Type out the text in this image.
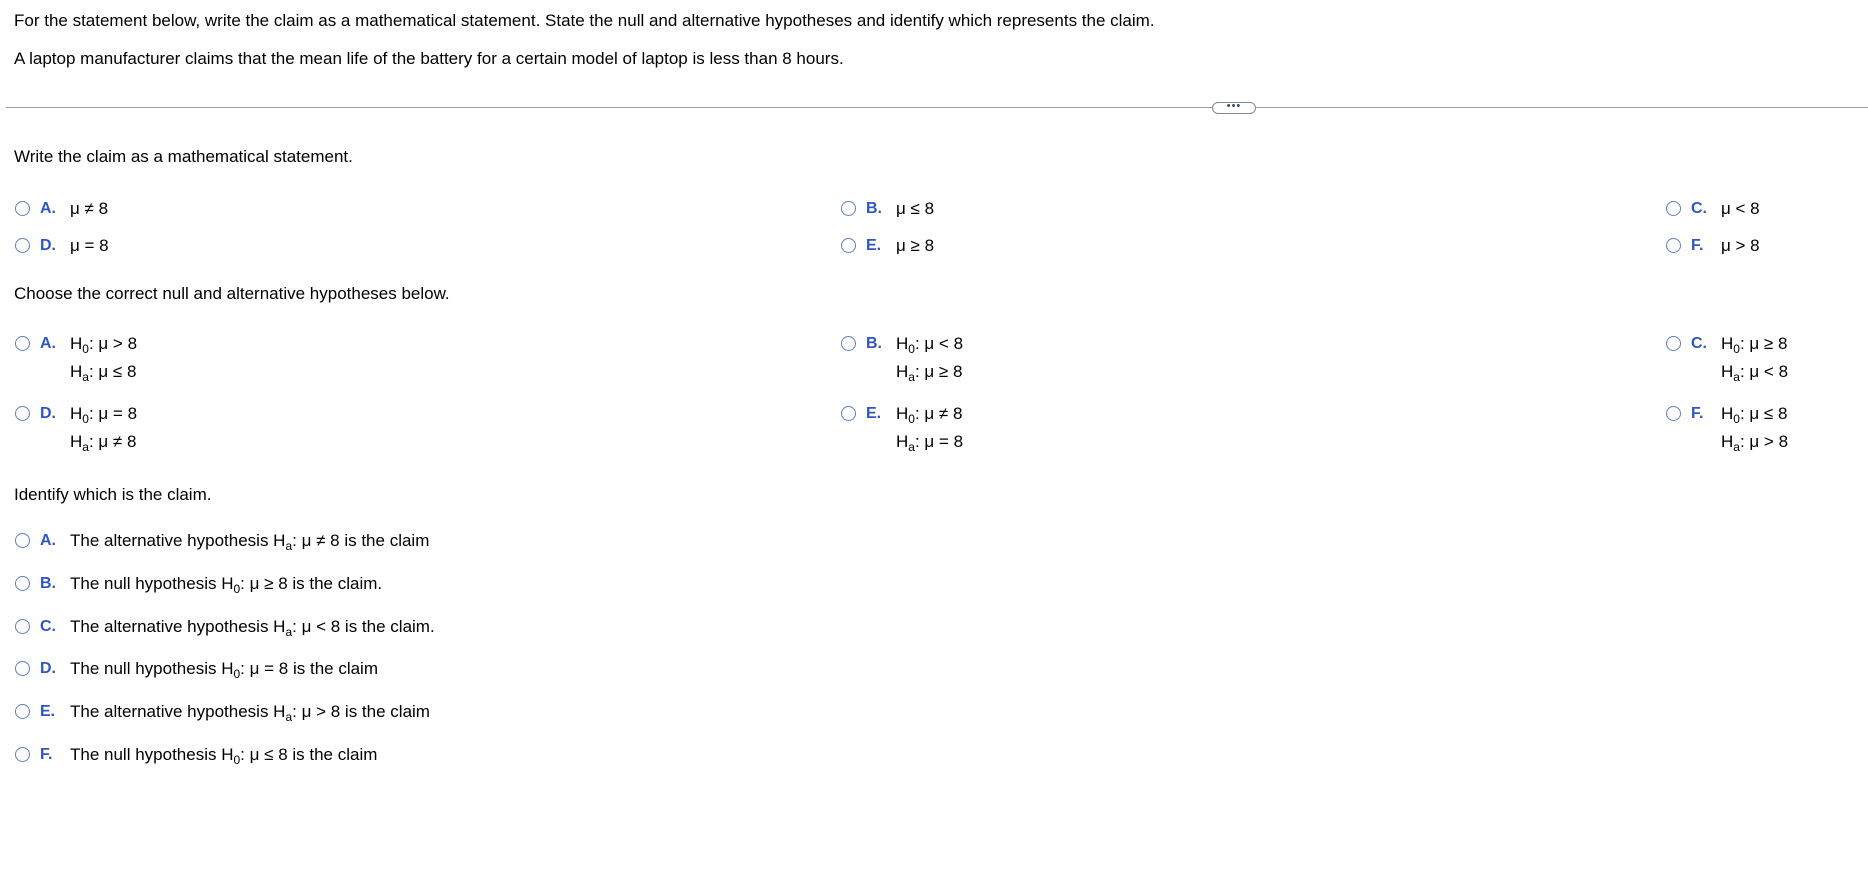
For the statement below, write the claim as a mathematical statement. State the null and alternative hypotheses and identify which represents the claim.
A laptop manufacturer claims that the mean life of the battery for a certain model of laptop is less than 8 hours.
•••
Write the claim as a mathematical statement.
A. μ ≠ 8	B. μ ≤ 8	C. μ < 8
D. μ = 8	E. μ ≥ 8	F.	μ > 8
Choose the correct null and alternative hypotheses below.
A. $H_0$: μ > 8
$H_a$: μ ≤ 8
B. $H_0$: μ < 8
$H_a$: μ ≥ 8
C. $H_0$: μ ≥ 8
$H_a$: μ < 8
D. $H_0$: μ = 8
$H_a$: μ ≠ 8
E. $H_0$: μ ≠ 8
$H_a$: μ = 8
F.	$H_0$: μ ≤ 8
$H_a$: μ > 8
Identify which is the claim.
A. The alternative hypothesis $H_a$: μ ≠ 8 is the claim
B. The null hypothesis $H_0$: μ ≥ 8 is the claim.
C. The alternative hypothesis $H_a$: μ < 8 is the claim.
D. The null hypothesis $H_0$: μ = 8 is the claim
E. The alternative hypothesis $H_a$: μ > 8 is the claim
F.	The null hypothesis $H_0$: μ ≤ 8 is the claim
